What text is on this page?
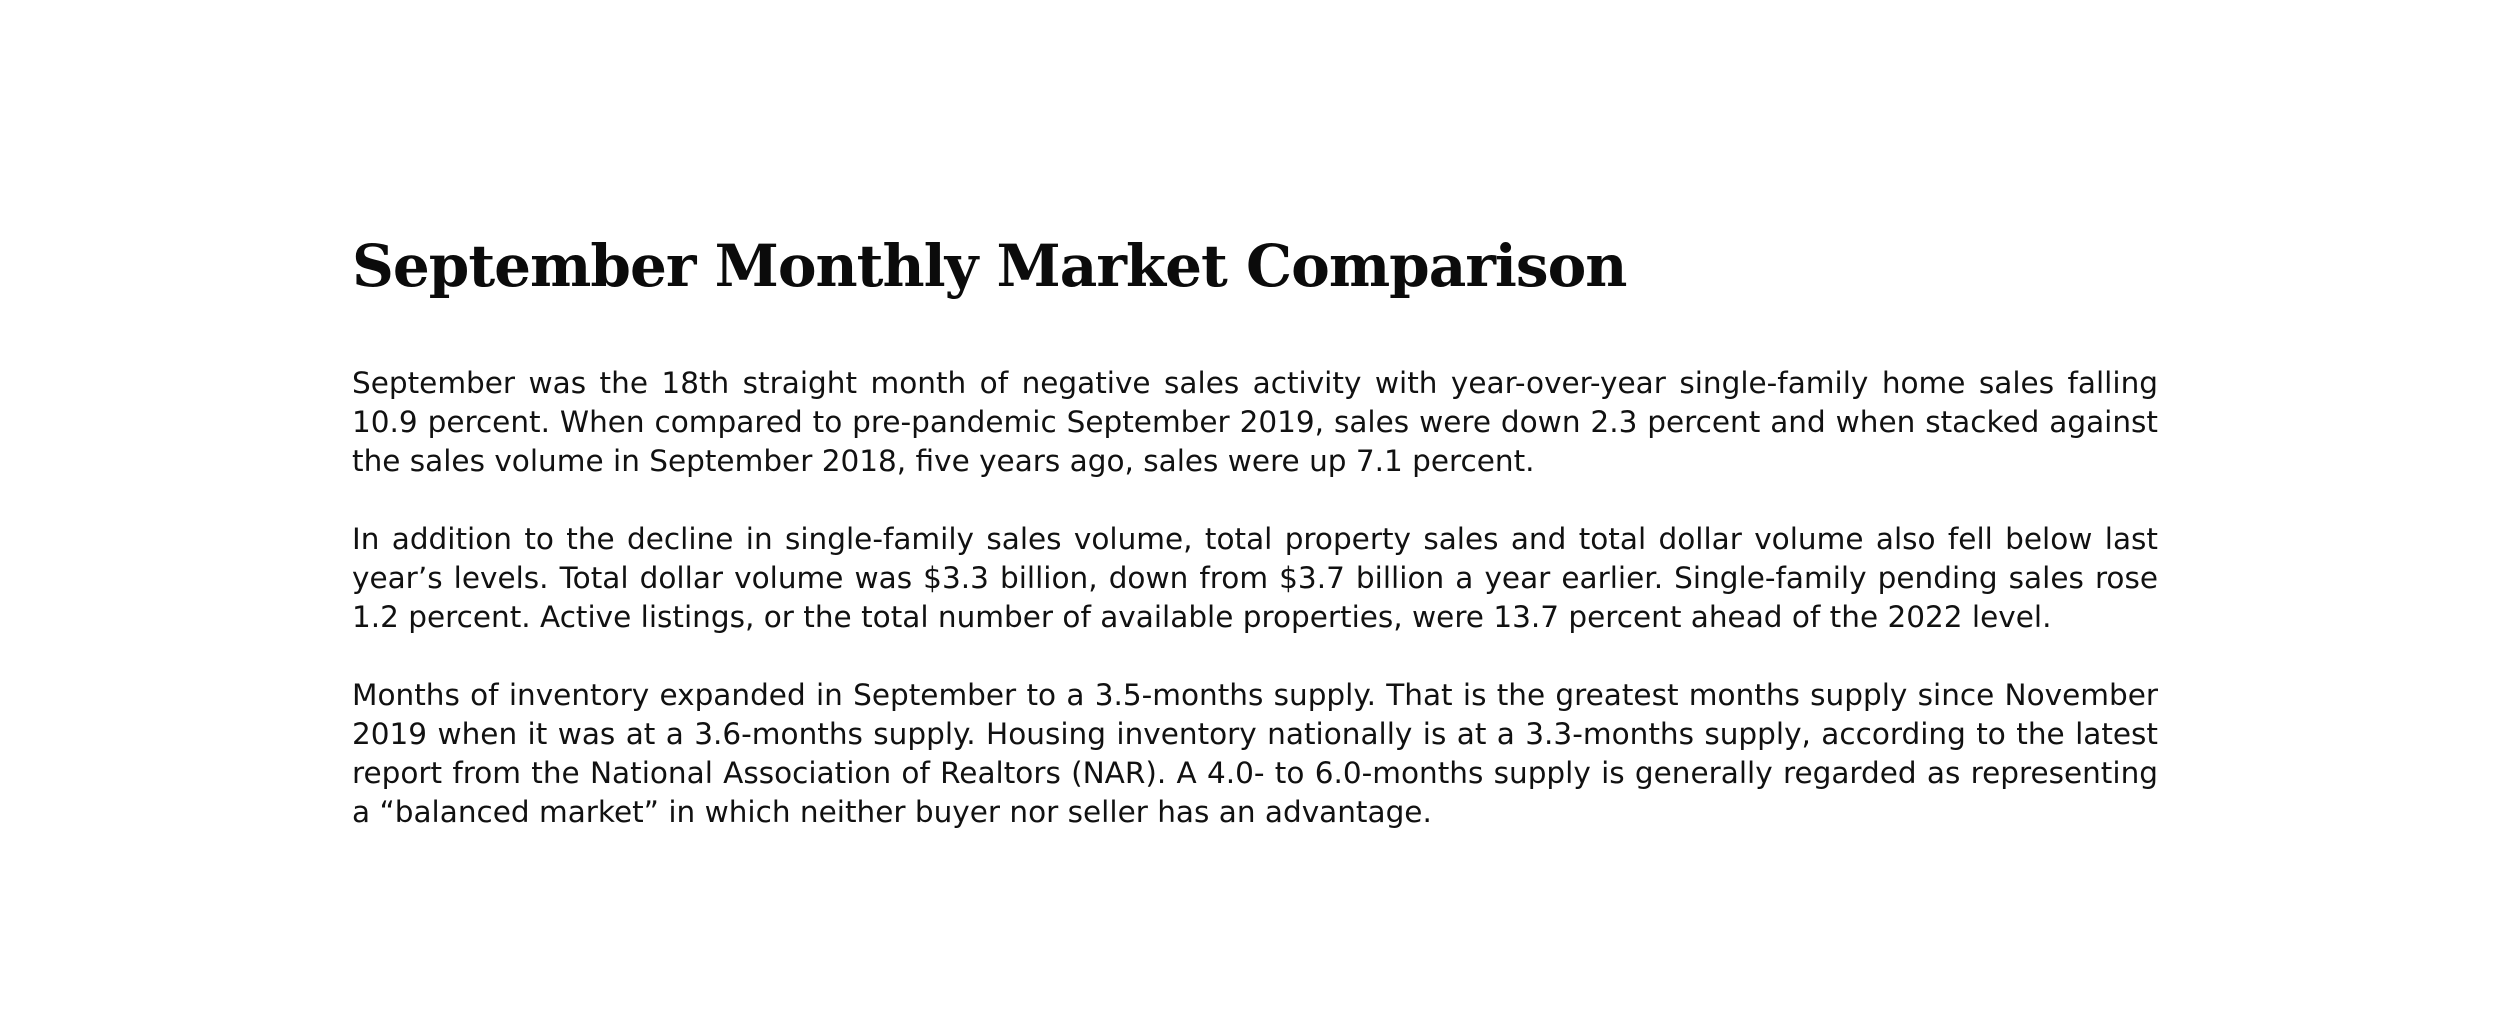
September Monthly Market Comparison

September was the 18th straight month of negative sales activity with year-over-year single-family home sales falling 10.9 percent. When compared to pre-pandemic September 2019, sales were down 2.3 percent and when stacked against the sales volume in September 2018, five years ago, sales were up 7.1 percent.

In addition to the decline in single-family sales volume, total property sales and total dollar volume also fell below last year’s levels. Total dollar volume was $3.3 billion, down from $3.7 billion a year earlier. Single-family pending sales rose 1.2 percent. Active listings, or the total number of available properties, were 13.7 percent ahead of the 2022 level.

Months of inventory expanded in September to a 3.5-months supply. That is the greatest months supply since November 2019 when it was at a 3.6-months supply. Housing inventory nationally is at a 3.3-months supply, according to the latest report from the National Association of Realtors (NAR). A 4.0- to 6.0-months supply is generally regarded as representing a “balanced market” in which neither buyer nor seller has an advantage.
